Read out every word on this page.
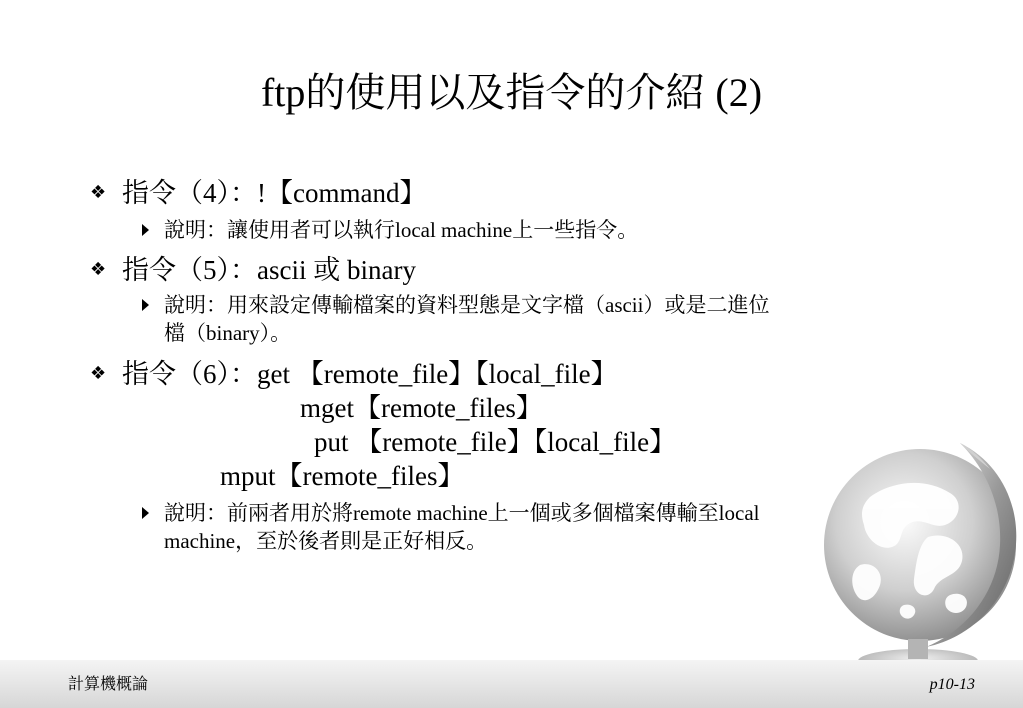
ftp的使用以及指令的介紹 (2)
❖ 指令（4）：!【command】
說明：讓使用者可以執行local machine上一些指令。
❖ 指令（5）：ascii 或 binary
說明：用來設定傳輸檔案的資料型態是文字檔（ascii）或是二進位
檔（binary）。
❖ 指令（6）：get 【remote_file】【local_file】
mget【remote_files】
put 【remote_file】【local_file】
mput【remote_files】
說明：前兩者用於將remote machine上一個或多個檔案傳輸至local
machine，至於後者則是正好相反。
計算機概論	p10-13
